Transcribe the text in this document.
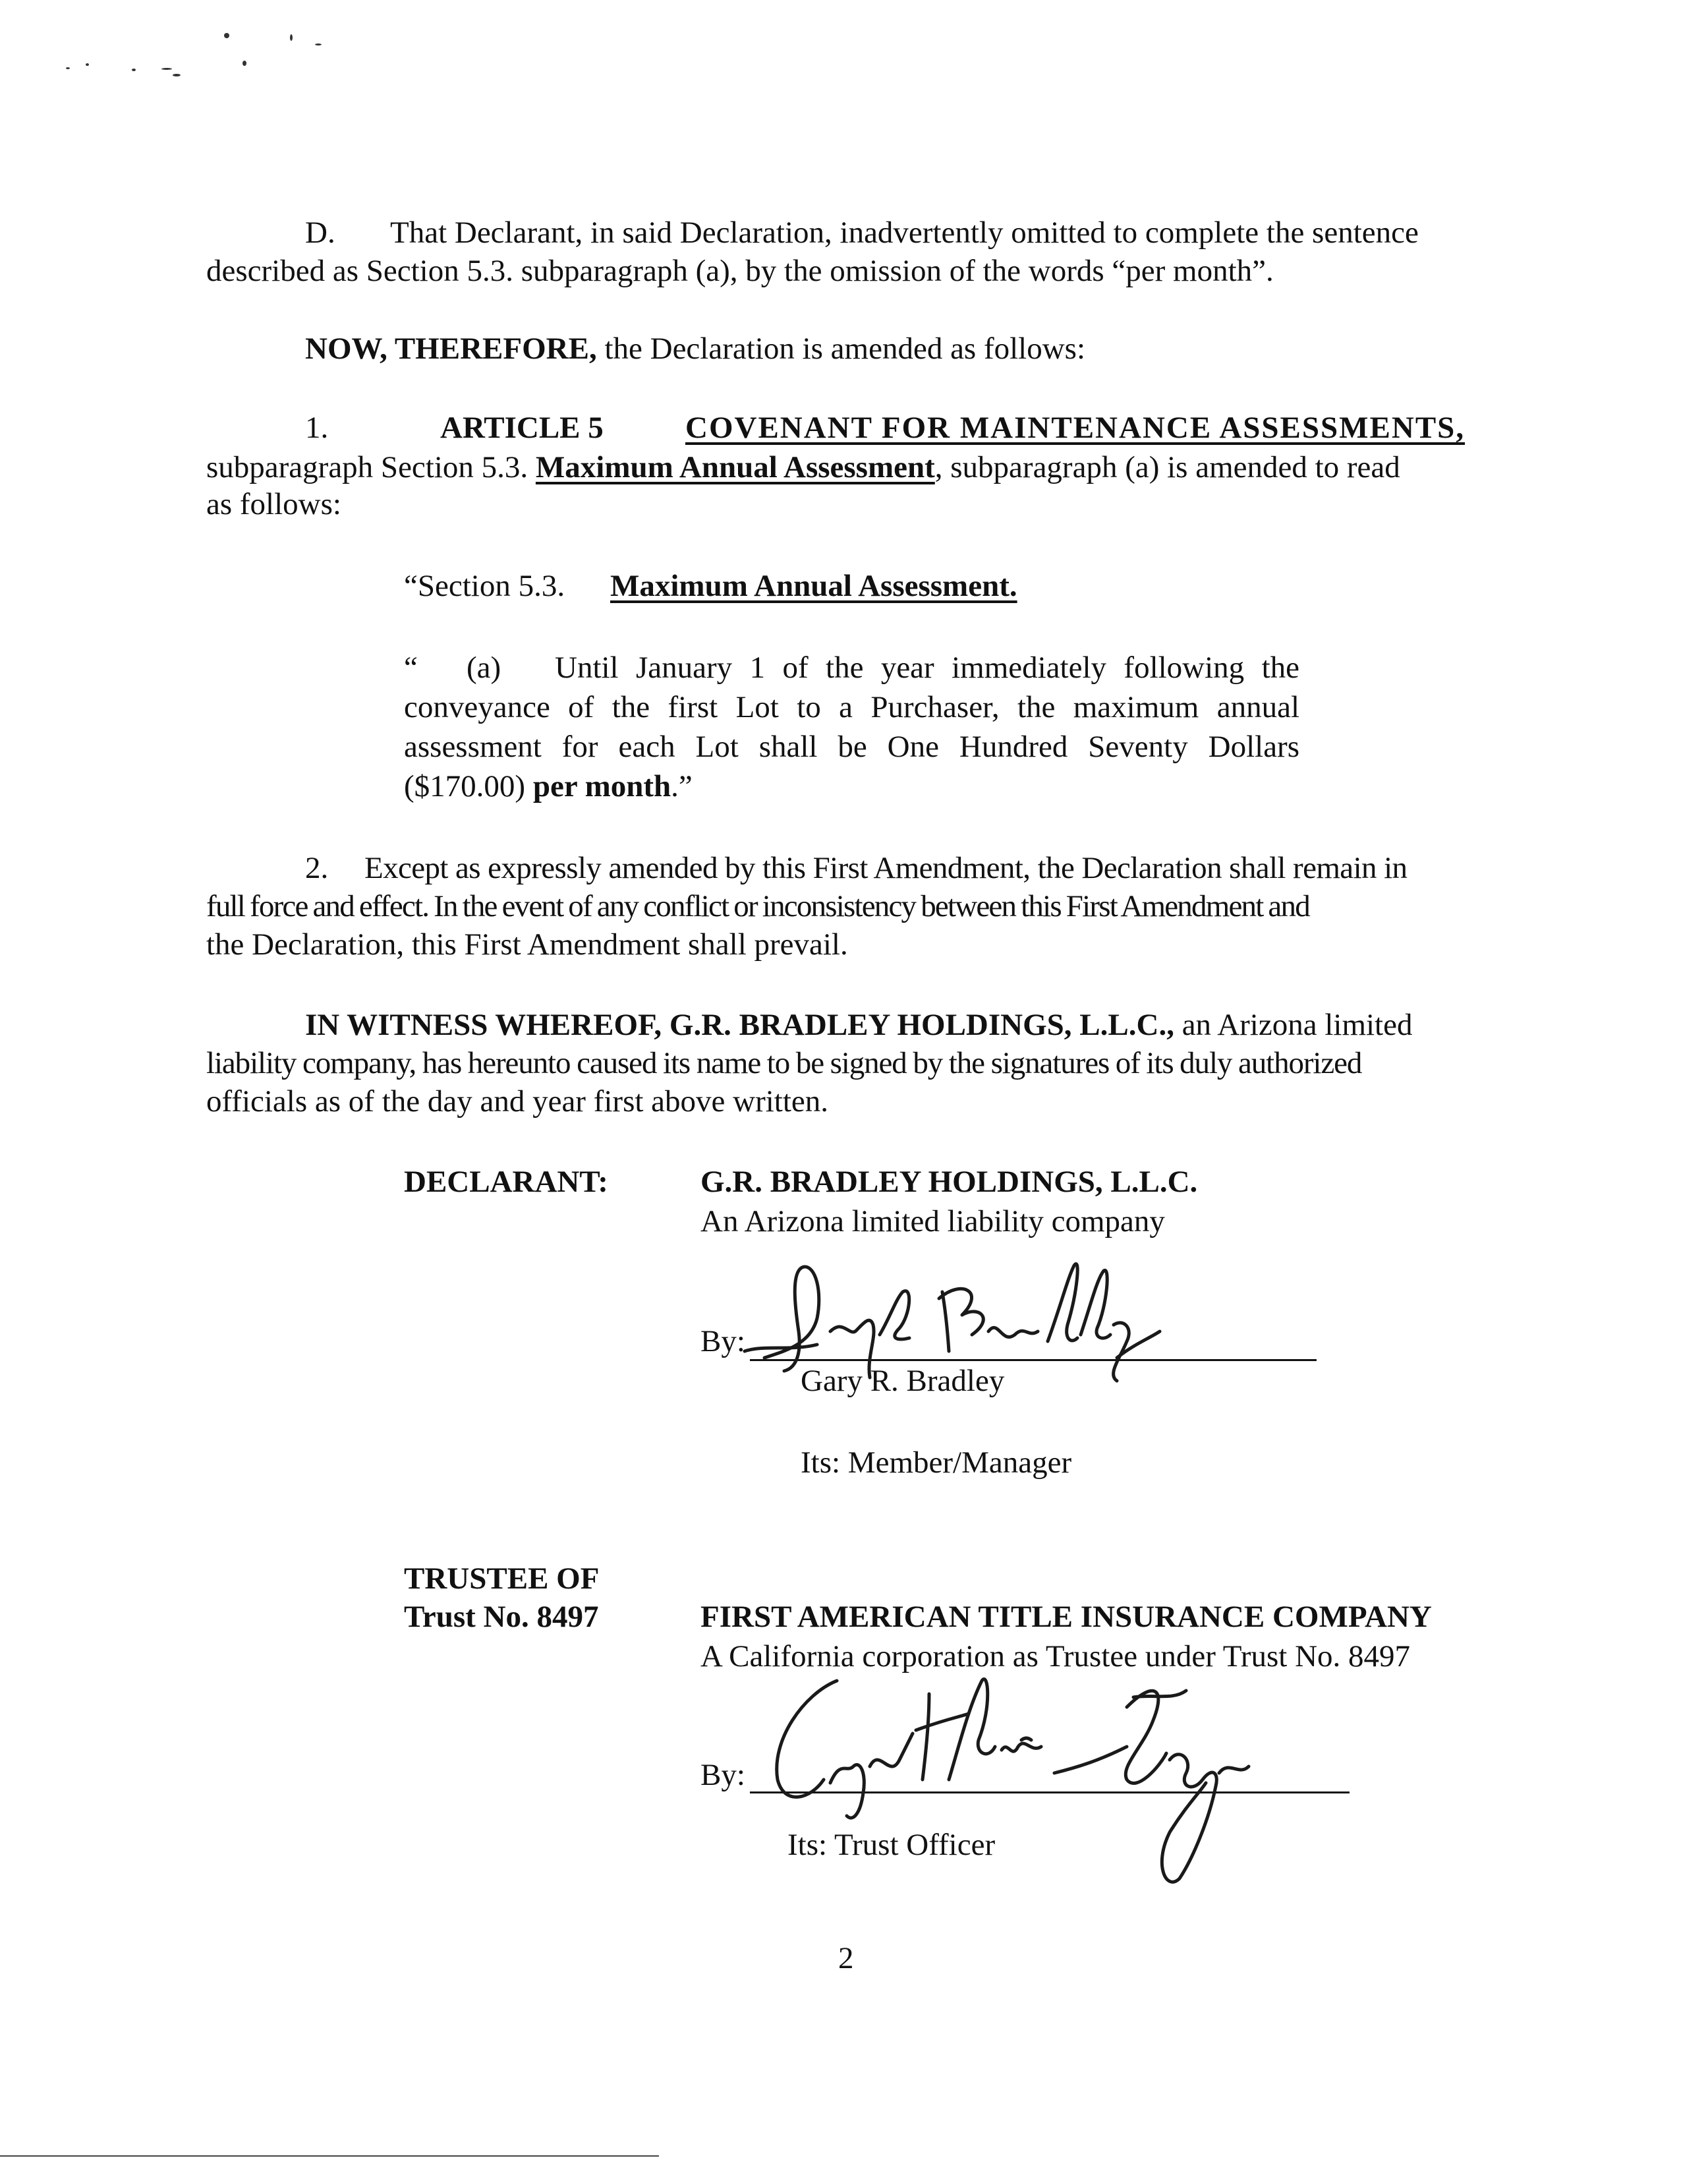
D. That Declarant, in said Declaration, inadvertently omitted to complete the sentence
described as Section 5.3. subparagraph (a), by the omission of the words “per month”.
NOW, THEREFORE, the Declaration is amended as follows:
1.	ARTICLE 5	COVENANT FOR MAINTENANCE ASSESSMENTS,
subparagraph Section 5.3. Maximum Annual Assessment, subparagraph (a) is amended to read
as follows:
“Section 5.3. Maximum Annual Assessment.
“ (a) Until January 1 of the year immediately following the
conveyance of the first Lot to a Purchaser, the maximum annual
assessment for each Lot shall be One Hundred Seventy Dollars
($170.00) per month.”
2. Except as expressly amended by this First Amendment, the Declaration shall remain in
full force and effect. In the event of any conflict or inconsistency between this First Amendment and
the Declaration, this First Amendment shall prevail.
IN WITNESS WHEREOF, G.R. BRADLEY HOLDINGS, L.L.C., an Arizona limited
liability company, has hereunto caused its name to be signed by the signatures of its duly authorized
officials as of the day and year first above written.
DECLARANT:	G.R. BRADLEY HOLDINGS, L.L.C.
An Arizona limited liability company
By:
Gary R. Bradley
Its: Member/Manager
TRUSTEE OF
Trust No. 8497	FIRST AMERICAN TITLE INSURANCE COMPANY
A California corporation as Trustee under Trust No. 8497
By:
Its: Trust Officer
2
